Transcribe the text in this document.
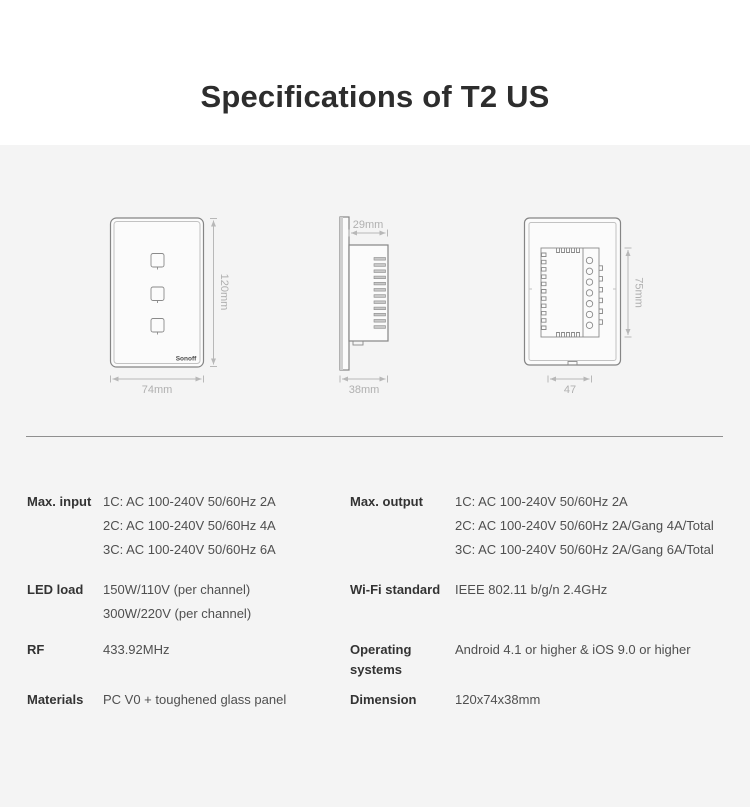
Specifications of T2 US
Sonoff
120mm
74mm
29mm
38mm
75mm
47
Max. input 1C: AC 100-240V 50/60Hz 2A
2C: AC 100-240V 50/60Hz 4A
3C: AC 100-240V 50/60Hz 6A
LED load	150W/110V (per channel)
300W/220V (per channel)
RF	433.92MHz
Materials	PC V0 + toughened glass panel
Max. output	1C: AC 100-240V 50/60Hz 2A
2C: AC 100-240V 50/60Hz 2A/Gang 4A/Total
3C: AC 100-240V 50/60Hz 2A/Gang 6A/Total
Wi-Fi standard	IEEE 802.11 b/g/n 2.4GHz
Operating systems
Android 4.1 or higher & iOS 9.0 or higher
Dimension	120x74x38mm
